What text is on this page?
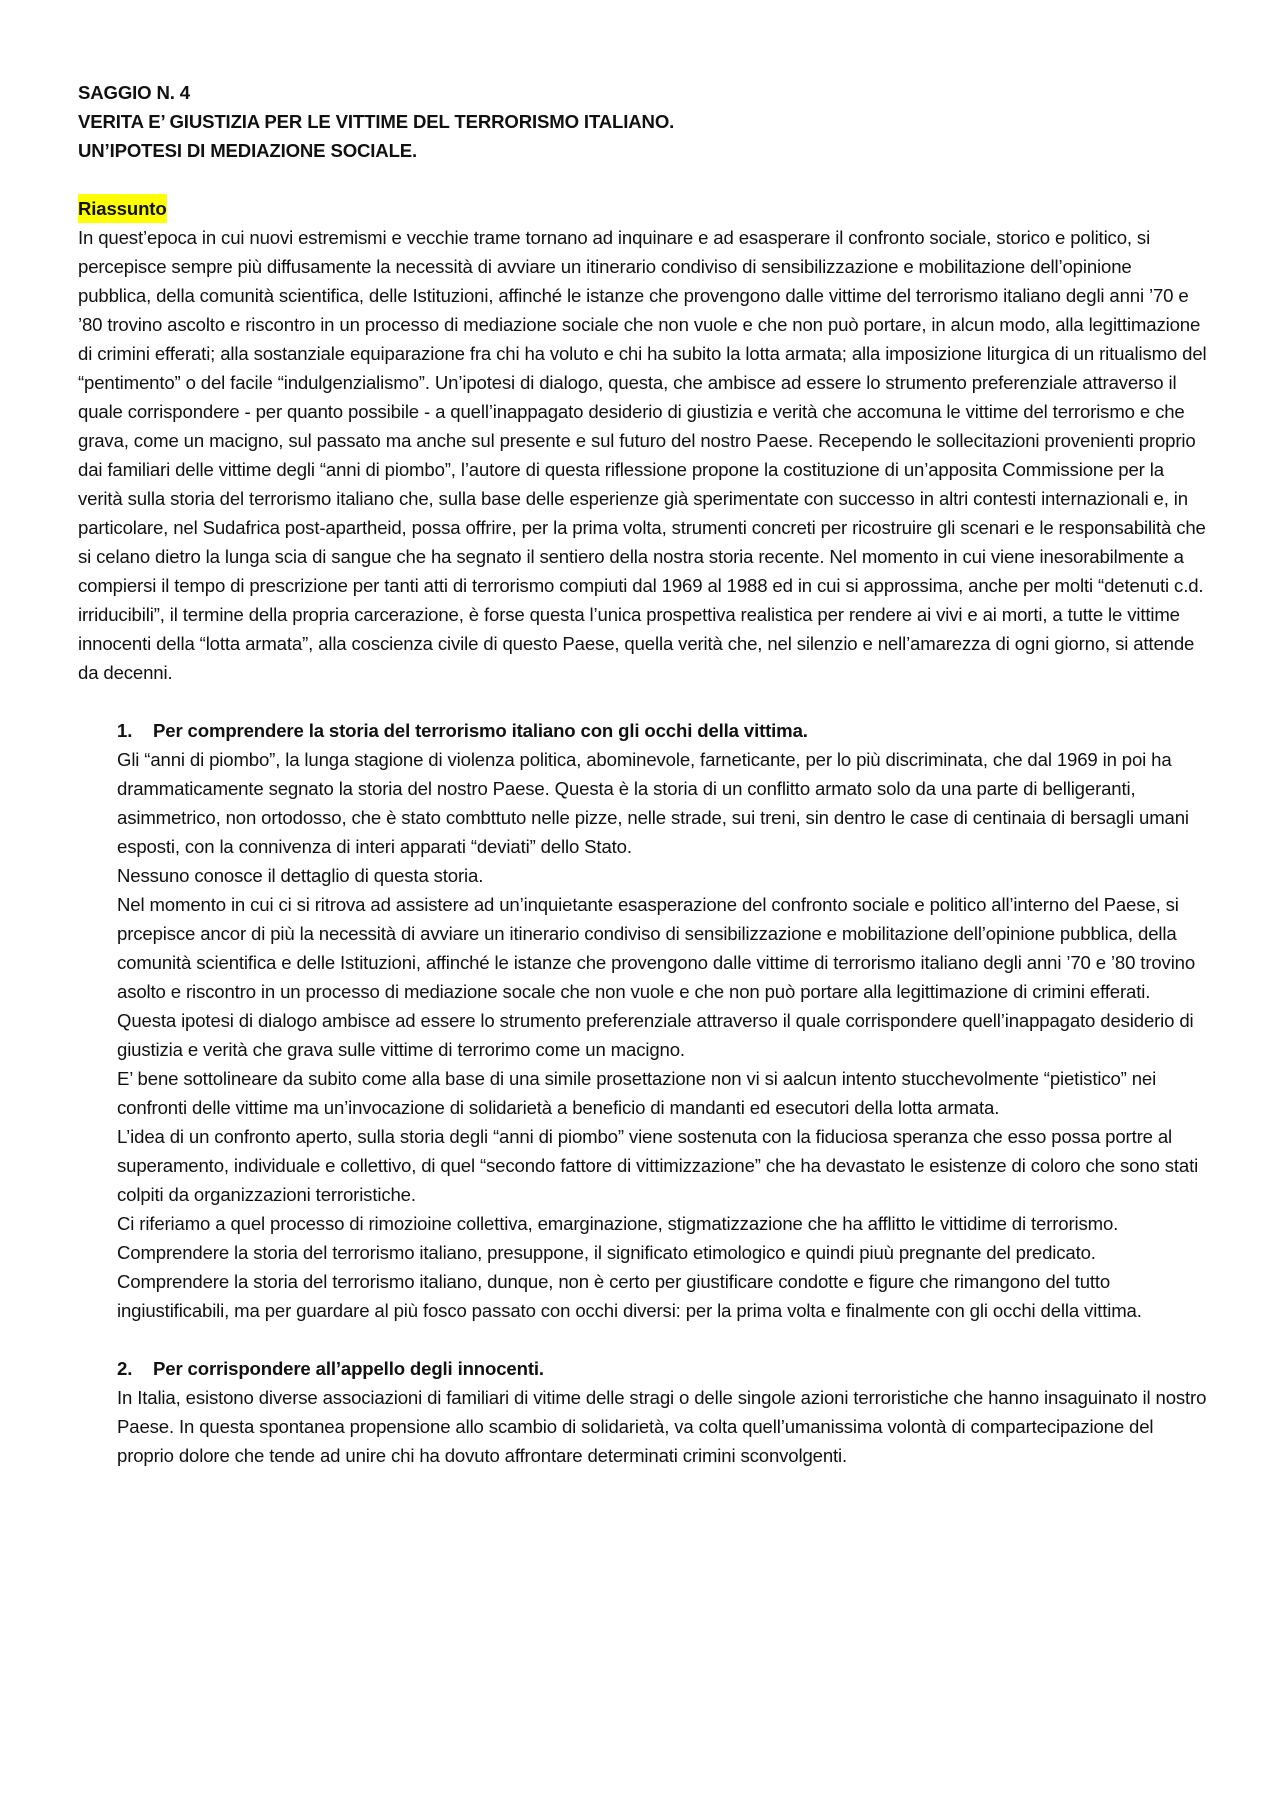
SAGGIO N. 4
VERITA E’ GIUSTIZIA PER LE VITTIME DEL TERRORISMO ITALIANO.
UN’IPOTESI DI MEDIAZIONE SOCIALE.
Riassunto

In quest’epoca in cui nuovi estremismi e vecchie trame tornano ad inquinare e ad esasperare il confronto sociale, storico e politico, si percepisce sempre più diffusamente la necessità di avviare un itinerario condiviso di sensibilizzazione e mobilitazione dell’opinione pubblica, della comunità scientifica, delle Istituzioni, affinché le istanze che provengono dalle vittime del terrorismo italiano degli anni ’70 e ’80 trovino ascolto e riscontro in un processo di mediazione sociale che non vuole e che non può portare, in alcun modo, alla legittimazione di crimini efferati; alla sostanziale equiparazione fra chi ha voluto e chi ha subito la lotta armata; alla imposizione liturgica di un ritualismo del “pentimento” o del facile “indulgenzialismo”. Un’ipotesi di dialogo, questa, che ambisce ad essere lo strumento preferenziale attraverso il quale corrispondere - per quanto possibile - a quell’inappagato desiderio di giustizia e verità che accomuna le vittime del terrorismo e che grava, come un macigno, sul passato ma anche sul presente e sul futuro del nostro Paese. Recependo le sollecitazioni provenienti proprio dai familiari delle vittime degli “anni di piombo”, l’autore di questa riflessione propone la costituzione di un’apposita Commissione per la verità sulla storia del terrorismo italiano che, sulla base delle esperienze già sperimentate con successo in altri contesti internazionali e, in particolare, nel Sudafrica post-apartheid, possa offrire, per la prima volta, strumenti concreti per ricostruire gli scenari e le responsabilità che si celano dietro la lunga scia di sangue che ha segnato il sentiero della nostra storia recente. Nel momento in cui viene inesorabilmente a compiersi il tempo di prescrizione per tanti atti di terrorismo compiuti dal 1969 al 1988 ed in cui si approssima, anche per molti “detenuti c.d. irriducibili”, il termine della propria carcerazione, è forse questa l’unica prospettiva realistica per rendere ai vivi e ai morti, a tutte le vittime innocenti della “lotta armata”, alla coscienza civile di questo Paese, quella verità che, nel silenzio e nell’amarezza di ogni giorno, si attende da decenni.

1.	Per comprendere la storia del terrorismo italiano con gli occhi della vittima.

Gli “anni di piombo”, la lunga stagione di violenza politica, abominevole, farneticante, per lo più discriminata, che dal 1969 in poi ha drammaticamente segnato la storia del nostro Paese. Questa è la storia di un conflitto armato solo da una parte di belligeranti, asimmetrico, non ortodosso, che è stato combttuto nelle pizze, nelle strade, sui treni, sin dentro le case di centinaia di bersagli umani esposti, con la connivenza di interi apparati “deviati” dello Stato.

Nessuno conosce il dettaglio di questa storia.

Nel momento in cui ci si ritrova ad assistere ad un’inquietante esasperazione del confronto sociale e politico all’interno del Paese, si prcepisce ancor di più la necessità di avviare un itinerario condiviso di sensibilizzazione e mobilitazione dell’opinione pubblica, della comunità scientifica e delle Istituzioni, affinché le istanze che provengono dalle vittime di terrorismo italiano degli anni ’70 e ’80 trovino asolto e riscontro in un processo di mediazione socale che non vuole e che non può portare alla legittimazione di crimini efferati.

Questa ipotesi di dialogo ambisce ad essere lo strumento preferenziale attraverso il quale corrispondere quell’inappagato desiderio di giustizia e verità che grava sulle vittime di terrorimo come un macigno.

E’ bene sottolineare da subito come alla base di una simile prosettazione non vi si aalcun intento stucchevolmente “pietistico” nei confronti delle vittime ma un’invocazione di solidarietà a beneficio di mandanti ed esecutori della lotta armata.

L’idea di un confronto aperto, sulla storia degli “anni di piombo” viene sostenuta con la fiduciosa speranza che esso possa portre al superamento, individuale e collettivo, di quel “secondo fattore di vittimizzazione” che ha devastato le esistenze di coloro che sono stati colpiti da organizzazioni terroristiche.

Ci riferiamo a quel processo di rimozioine collettiva, emarginazione, stigmatizzazione che ha afflitto le vittidime di terrorismo.

Comprendere la storia del terrorismo italiano, presuppone, il significato etimologico e quindi piuù pregnante del predicato. Comprendere la storia del terrorismo italiano, dunque, non è certo per giustificare condotte e figure che rimangono del tutto ingiustificabili, ma per guardare al più fosco passato con occhi diversi: per la prima volta e finalmente con gli occhi della vittima.

2.	Per corrispondere all’appello degli innocenti.

In Italia, esistono diverse associazioni di familiari di vitime delle stragi o delle singole azioni terroristiche che hanno insaguinato il nostro Paese. In questa spontanea propensione allo scambio di solidarietà, va colta quell’umanissima volontà di compartecipazione del proprio dolore che tende ad unire chi ha dovuto affrontare determinati crimini sconvolgenti.
